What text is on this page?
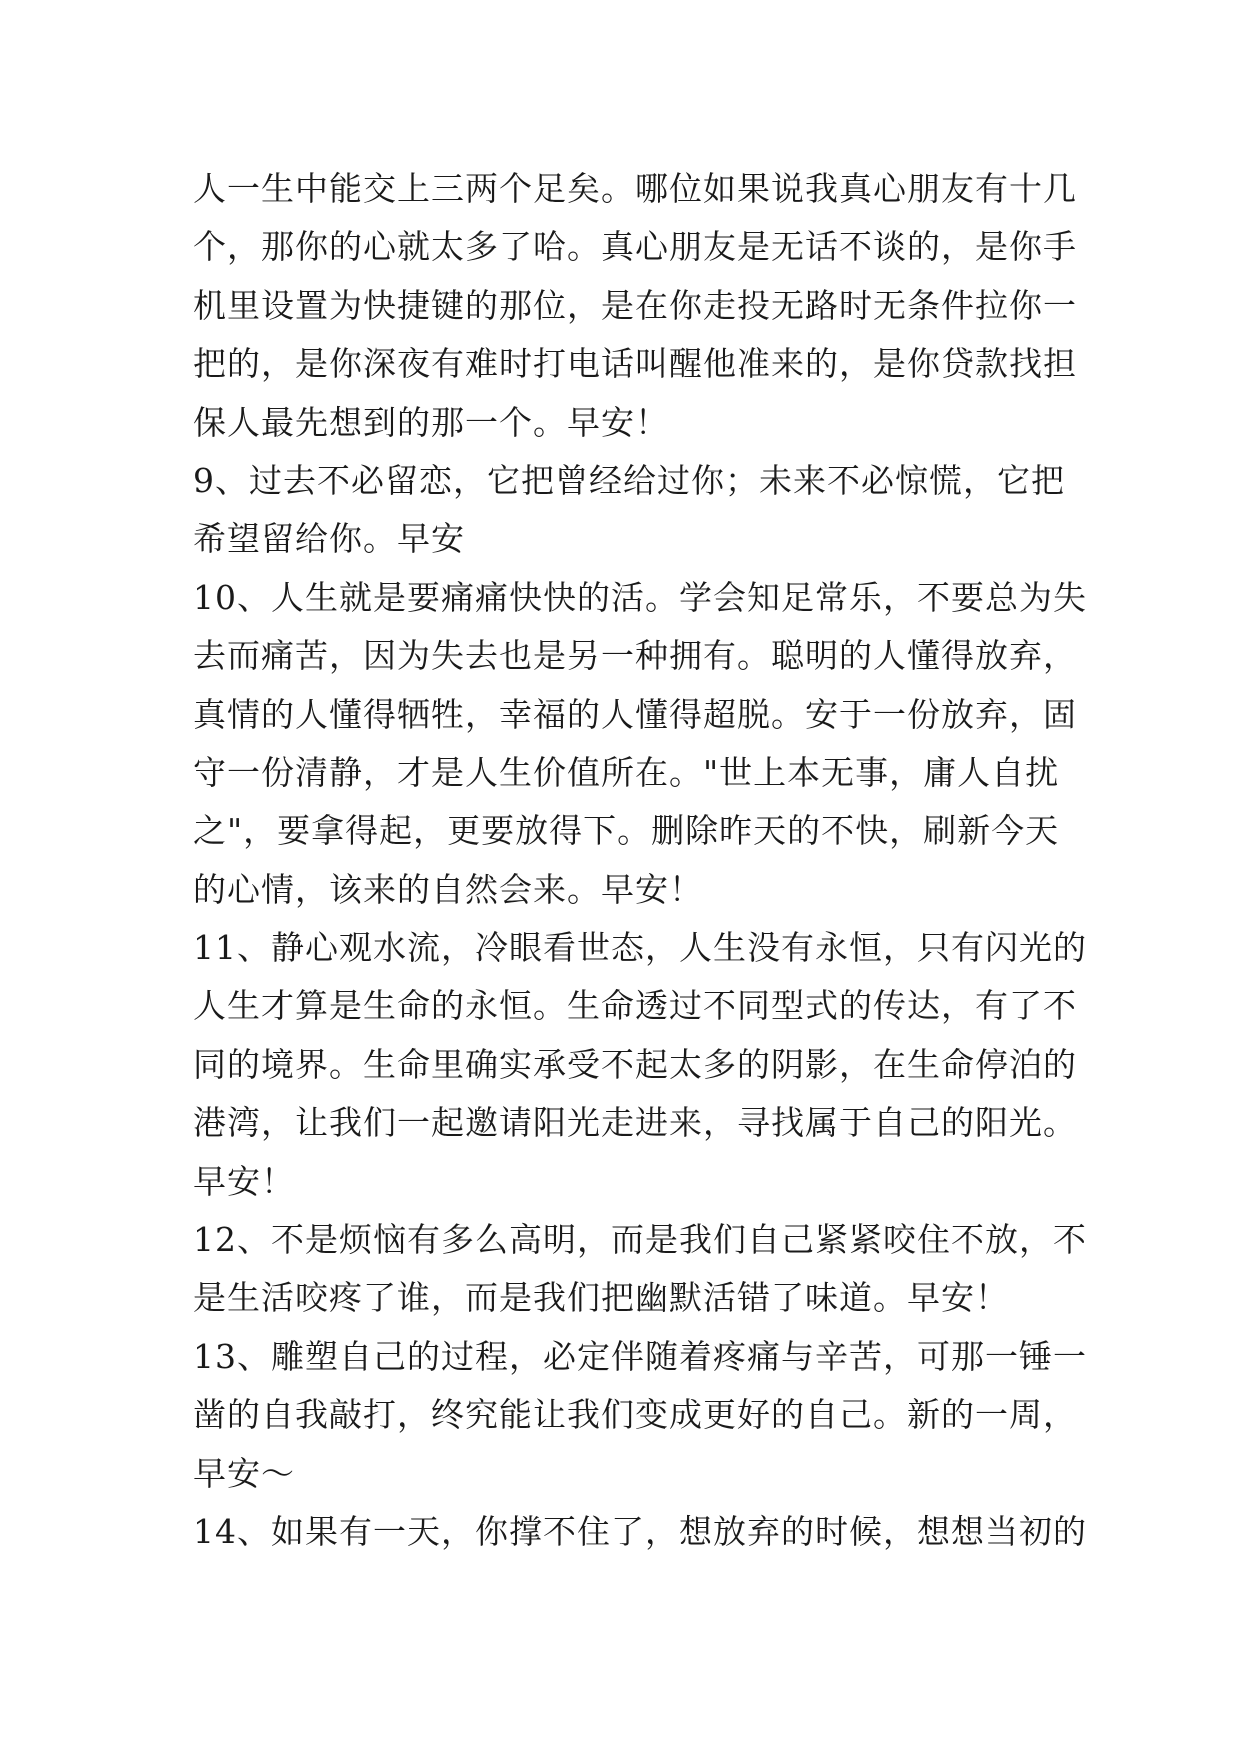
人一生中能交上三两个足矣。哪位如果说我真心朋友有十几
个，那你的心就太多了哈。真心朋友是无话不谈的，是你手
机里设置为快捷键的那位，是在你走投无路时无条件拉你一
把的，是你深夜有难时打电话叫醒他准来的，是你贷款找担
保人最先想到的那一个。早安！
9、过去不必留恋，它把曾经给过你；未来不必惊慌，它把
希望留给你。早安
10、人生就是要痛痛快快的活。学会知足常乐，不要总为失
去而痛苦，因为失去也是另一种拥有。聪明的人懂得放弃，
真情的人懂得牺牲，幸福的人懂得超脱。安于一份放弃，固
守一份清静，才是人生价值所在。"世上本无事，庸人自扰
之"，要拿得起，更要放得下。删除昨天的不快，刷新今天
的心情，该来的自然会来。早安！
11、静心观水流，冷眼看世态，人生没有永恒，只有闪光的
人生才算是生命的永恒。生命透过不同型式的传达，有了不
同的境界。生命里确实承受不起太多的阴影，在生命停泊的
港湾，让我们一起邀请阳光走进来，寻找属于自己的阳光。
早安！
12、不是烦恼有多么高明，而是我们自己紧紧咬住不放，不
是生活咬疼了谁，而是我们把幽默活错了味道。早安！
13、雕塑自己的过程，必定伴随着疼痛与辛苦，可那一锤一
凿的自我敲打，终究能让我们变成更好的自己。新的一周，
早安～
14、如果有一天，你撑不住了，想放弃的时候，想想当初的
